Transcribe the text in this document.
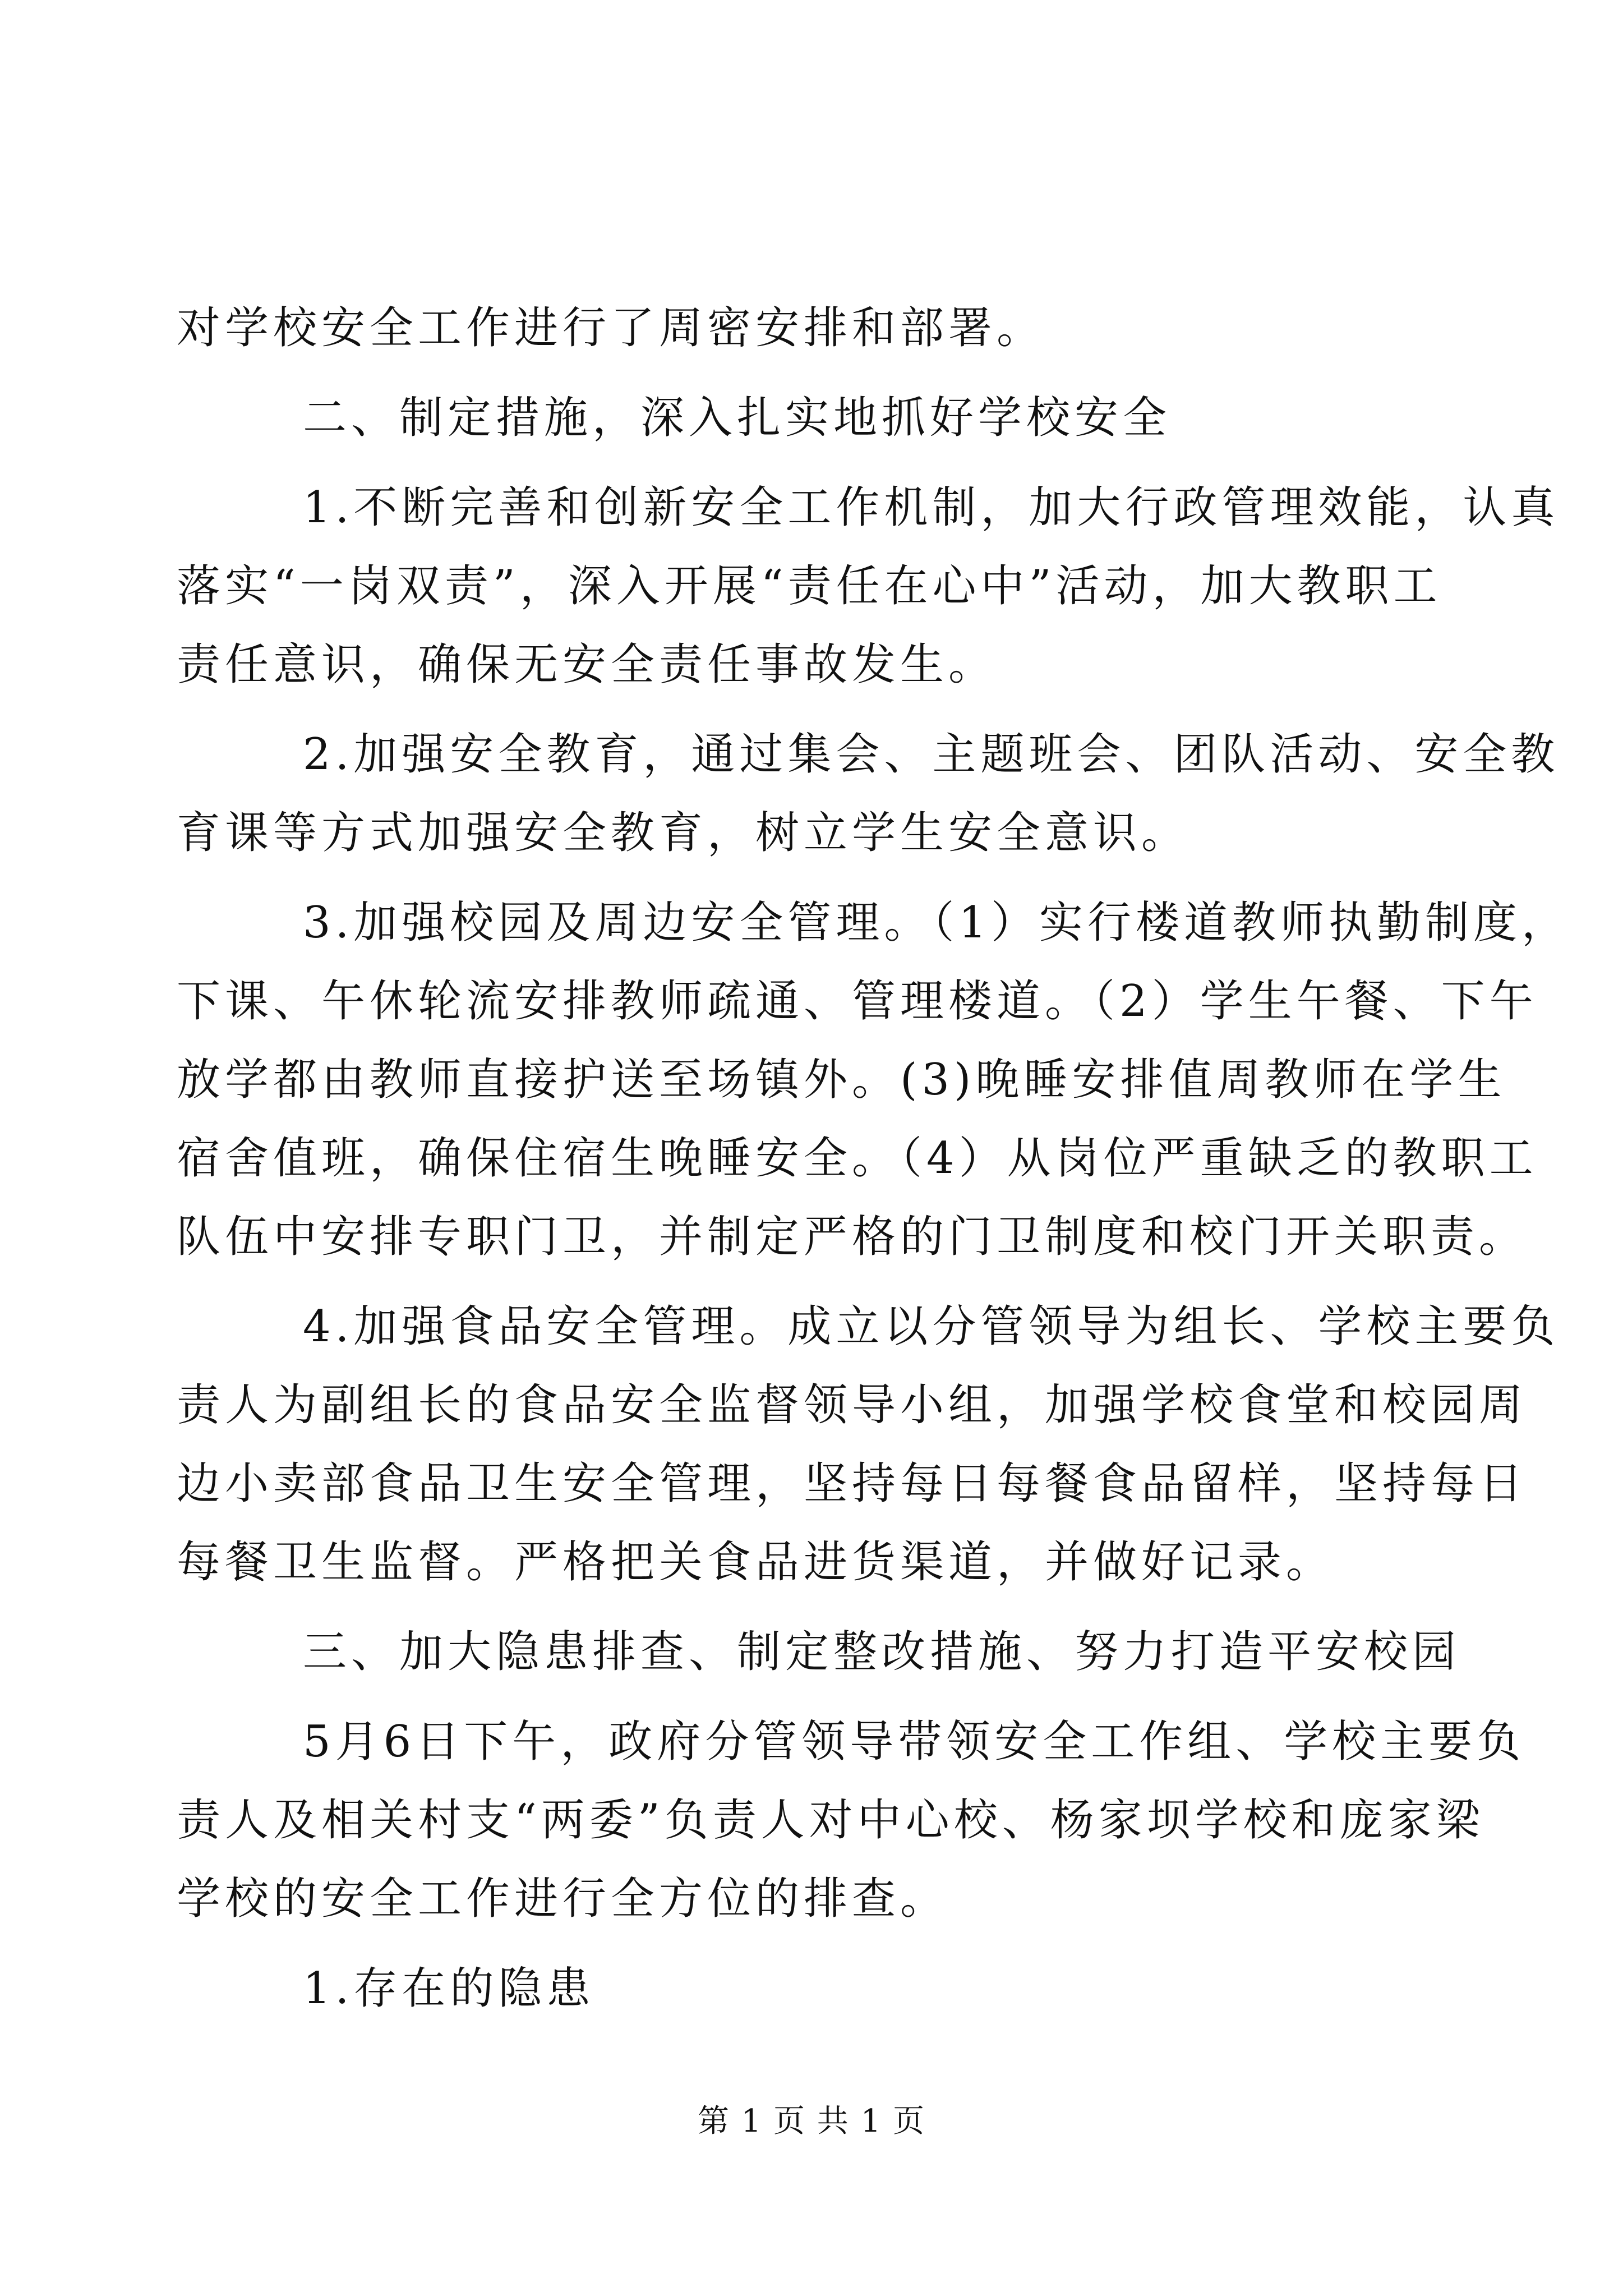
对学校安全工作进行了周密安排和部署。
二、制定措施，深入扎实地抓好学校安全
1.不断完善和创新安全工作机制，加大行政管理效能，认真
落实“一岗双责”，深入开展“责任在心中”活动，加大教职工
责任意识，确保无安全责任事故发生。
2.加强安全教育，通过集会、主题班会、团队活动、安全教
育课等方式加强安全教育，树立学生安全意识。
3.加强校园及周边安全管理。（1）实行楼道教师执勤制度，
下课、午休轮流安排教师疏通、管理楼道。（2）学生午餐、下午
放学都由教师直接护送至场镇外。(3)晚睡安排值周教师在学生
宿舍值班，确保住宿生晚睡安全。（4）从岗位严重缺乏的教职工
队伍中安排专职门卫，并制定严格的门卫制度和校门开关职责。
4.加强食品安全管理。成立以分管领导为组长、学校主要负
责人为副组长的食品安全监督领导小组，加强学校食堂和校园周
边小卖部食品卫生安全管理，坚持每日每餐食品留样，坚持每日
每餐卫生监督。严格把关食品进货渠道，并做好记录。
三、加大隐患排查、制定整改措施、努力打造平安校园
5月6日下午，政府分管领导带领安全工作组、学校主要负
责人及相关村支“两委”负责人对中心校、杨家坝学校和庞家梁
学校的安全工作进行全方位的排查。
1.存在的隐患
第 1 页 共 1 页
